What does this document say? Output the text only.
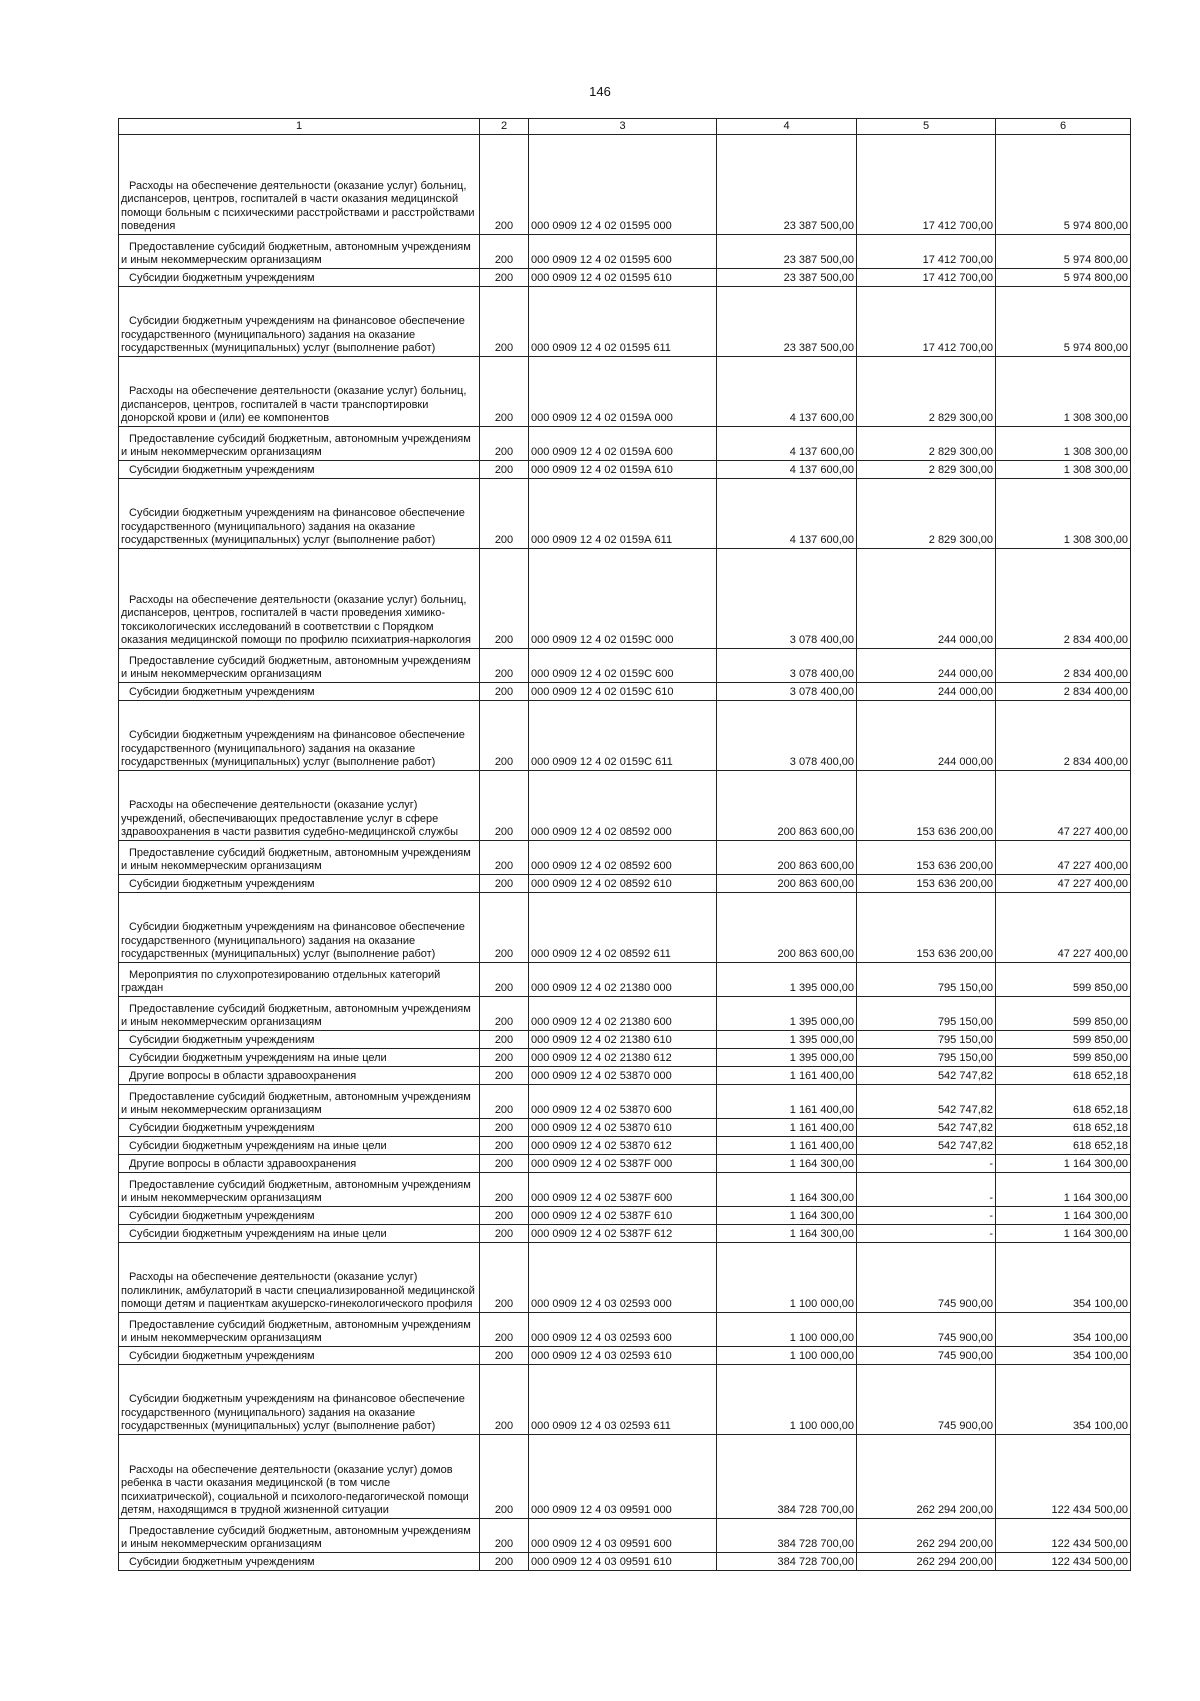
146
1	2	3	4	5	6
Расходы на обеспечение деятельности (оказание услуг) больниц, диспансеров, центров, госпиталей в части оказания медицинской помощи больным с психическими расстройствами и расстройствами поведения	200	000 0909 12 4 02 01595 000	23 387 500,00	17 412 700,00	5 974 800,00
Предоставление субсидий бюджетным, автономным учреждениям и иным некоммерческим организациям	200	000 0909 12 4 02 01595 600	23 387 500,00	17 412 700,00	5 974 800,00
Субсидии бюджетным учреждениям	200	000 0909 12 4 02 01595 610	23 387 500,00	17 412 700,00	5 974 800,00
Субсидии бюджетным учреждениям на финансовое обеспечение государственного (муниципального) задания на оказание государственных (муниципальных) услуг (выполнение работ)	200	000 0909 12 4 02 01595 611	23 387 500,00	17 412 700,00	5 974 800,00
Расходы на обеспечение деятельности (оказание услуг) больниц, диспансеров, центров, госпиталей в части транспортировки донорской крови и (или) ее компонентов	200	000 0909 12 4 02 0159А 000	4 137 600,00	2 829 300,00	1 308 300,00
Предоставление субсидий бюджетным, автономным учреждениям и иным некоммерческим организациям	200	000 0909 12 4 02 0159А 600	4 137 600,00	2 829 300,00	1 308 300,00
Субсидии бюджетным учреждениям	200	000 0909 12 4 02 0159А 610	4 137 600,00	2 829 300,00	1 308 300,00
Субсидии бюджетным учреждениям на финансовое обеспечение государственного (муниципального) задания на оказание государственных (муниципальных) услуг (выполнение работ)	200	000 0909 12 4 02 0159А 611	4 137 600,00	2 829 300,00	1 308 300,00
Расходы на обеспечение деятельности (оказание услуг) больниц, диспансеров, центров, госпиталей в части проведения химико-токсикологических исследований в соответствии с Порядком оказания медицинской помощи по профилю психиатрия-наркология	200	000 0909 12 4 02 0159С 000	3 078 400,00	244 000,00	2 834 400,00
Предоставление субсидий бюджетным, автономным учреждениям и иным некоммерческим организациям	200	000 0909 12 4 02 0159С 600	3 078 400,00	244 000,00	2 834 400,00
Субсидии бюджетным учреждениям	200	000 0909 12 4 02 0159С 610	3 078 400,00	244 000,00	2 834 400,00
Субсидии бюджетным учреждениям на финансовое обеспечение государственного (муниципального) задания на оказание государственных (муниципальных) услуг (выполнение работ)	200	000 0909 12 4 02 0159С 611	3 078 400,00	244 000,00	2 834 400,00
Расходы на обеспечение деятельности (оказание услуг) учреждений, обеспечивающих предоставление услуг в сфере здравоохранения в части развития судебно-медицинской службы	200	000 0909 12 4 02 08592 000	200 863 600,00	153 636 200,00	47 227 400,00
Предоставление субсидий бюджетным, автономным учреждениям и иным некоммерческим организациям	200	000 0909 12 4 02 08592 600	200 863 600,00	153 636 200,00	47 227 400,00
Субсидии бюджетным учреждениям	200	000 0909 12 4 02 08592 610	200 863 600,00	153 636 200,00	47 227 400,00
Субсидии бюджетным учреждениям на финансовое обеспечение государственного (муниципального) задания на оказание государственных (муниципальных) услуг (выполнение работ)	200	000 0909 12 4 02 08592 611	200 863 600,00	153 636 200,00	47 227 400,00
Мероприятия по слухопротезированию отдельных категорий граждан	200	000 0909 12 4 02 21380 000	1 395 000,00	795 150,00	599 850,00
Предоставление субсидий бюджетным, автономным учреждениям и иным некоммерческим организациям	200	000 0909 12 4 02 21380 600	1 395 000,00	795 150,00	599 850,00
Субсидии бюджетным учреждениям	200	000 0909 12 4 02 21380 610	1 395 000,00	795 150,00	599 850,00
Субсидии бюджетным учреждениям на иные цели	200	000 0909 12 4 02 21380 612	1 395 000,00	795 150,00	599 850,00
Другие вопросы в области здравоохранения	200	000 0909 12 4 02 53870 000	1 161 400,00	542 747,82	618 652,18
Предоставление субсидий бюджетным, автономным учреждениям и иным некоммерческим организациям	200	000 0909 12 4 02 53870 600	1 161 400,00	542 747,82	618 652,18
Субсидии бюджетным учреждениям	200	000 0909 12 4 02 53870 610	1 161 400,00	542 747,82	618 652,18
Субсидии бюджетным учреждениям на иные цели	200	000 0909 12 4 02 53870 612	1 161 400,00	542 747,82	618 652,18
Другие вопросы в области здравоохранения	200	000 0909 12 4 02 5387F 000	1 164 300,00	-	1 164 300,00
Предоставление субсидий бюджетным, автономным учреждениям и иным некоммерческим организациям	200	000 0909 12 4 02 5387F 600	1 164 300,00	-	1 164 300,00
Субсидии бюджетным учреждениям	200	000 0909 12 4 02 5387F 610	1 164 300,00	-	1 164 300,00
Субсидии бюджетным учреждениям на иные цели	200	000 0909 12 4 02 5387F 612	1 164 300,00	-	1 164 300,00
Расходы на обеспечение деятельности (оказание услуг) поликлиник, амбулаторий в части специализированной медицинской помощи детям и пациенткам акушерско-гинекологического профиля	200	000 0909 12 4 03 02593 000	1 100 000,00	745 900,00	354 100,00
Предоставление субсидий бюджетным, автономным учреждениям и иным некоммерческим организациям	200	000 0909 12 4 03 02593 600	1 100 000,00	745 900,00	354 100,00
Субсидии бюджетным учреждениям	200	000 0909 12 4 03 02593 610	1 100 000,00	745 900,00	354 100,00
Субсидии бюджетным учреждениям на финансовое обеспечение государственного (муниципального) задания на оказание государственных (муниципальных) услуг (выполнение работ)	200	000 0909 12 4 03 02593 611	1 100 000,00	745 900,00	354 100,00
Расходы на обеспечение деятельности (оказание услуг) домов ребенка в части оказания медицинской (в том числе психиатрической), социальной и психолого-педагогической помощи детям, находящимся в трудной жизненной ситуации	200	000 0909 12 4 03 09591 000	384 728 700,00	262 294 200,00	122 434 500,00
Предоставление субсидий бюджетным, автономным учреждениям и иным некоммерческим организациям	200	000 0909 12 4 03 09591 600	384 728 700,00	262 294 200,00	122 434 500,00
Субсидии бюджетным учреждениям	200	000 0909 12 4 03 09591 610	384 728 700,00	262 294 200,00	122 434 500,00
